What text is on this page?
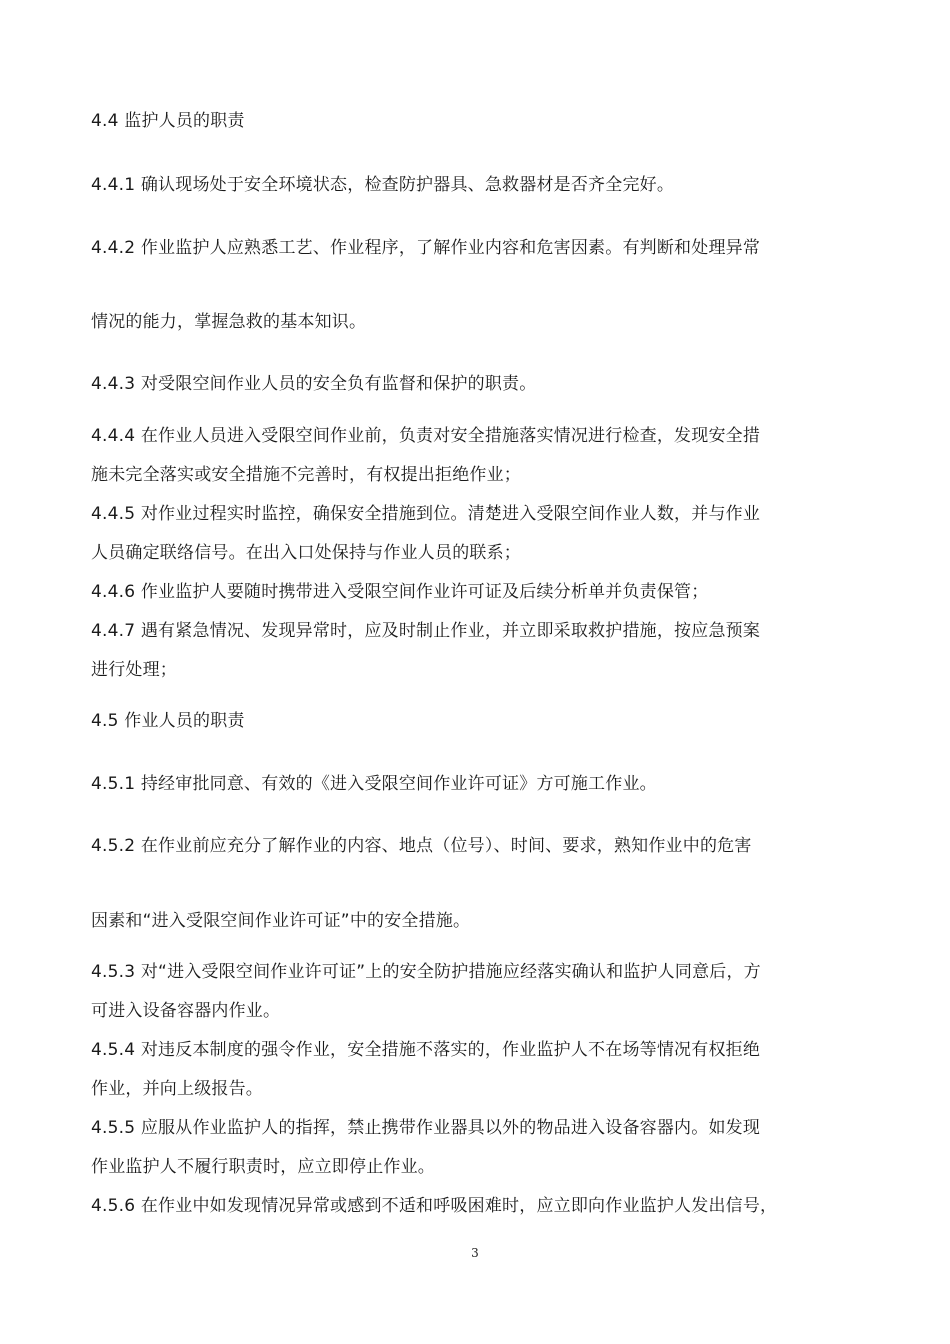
4.4 监护人员的职责
4.4.1 确认现场处于安全环境状态，检查防护器具、急救器材是否齐全完好。
4.4.2 作业监护人应熟悉工艺、作业程序，了解作业内容和危害因素。有判断和处理异常
情况的能力，掌握急救的基本知识。
4.4.3 对受限空间作业人员的安全负有监督和保护的职责。
4.4.4 在作业人员进入受限空间作业前，负责对安全措施落实情况进行检查，发现安全措
施未完全落实或安全措施不完善时，有权提出拒绝作业；
4.4.5 对作业过程实时监控，确保安全措施到位。清楚进入受限空间作业人数，并与作业
人员确定联络信号。在出入口处保持与作业人员的联系；
4.4.6 作业监护人要随时携带进入受限空间作业许可证及后续分析单并负责保管；
4.4.7 遇有紧急情况、发现异常时，应及时制止作业，并立即采取救护措施，按应急预案
进行处理；
4.5 作业人员的职责
4.5.1 持经审批同意、有效的《进入受限空间作业许可证》方可施工作业。
4.5.2 在作业前应充分了解作业的内容、地点（位号）、时间、要求，熟知作业中的危害
因素和“进入受限空间作业许可证”中的安全措施。
4.5.3 对“进入受限空间作业许可证”上的安全防护措施应经落实确认和监护人同意后，方
可进入设备容器内作业。
4.5.4 对违反本制度的强令作业，安全措施不落实的，作业监护人不在场等情况有权拒绝
作业，并向上级报告。
4.5.5 应服从作业监护人的指挥，禁止携带作业器具以外的物品进入设备容器内。如发现
作业监护人不履行职责时，应立即停止作业。
4.5.6 在作业中如发现情况异常或感到不适和呼吸困难时，应立即向作业监护人发出信号，
3
